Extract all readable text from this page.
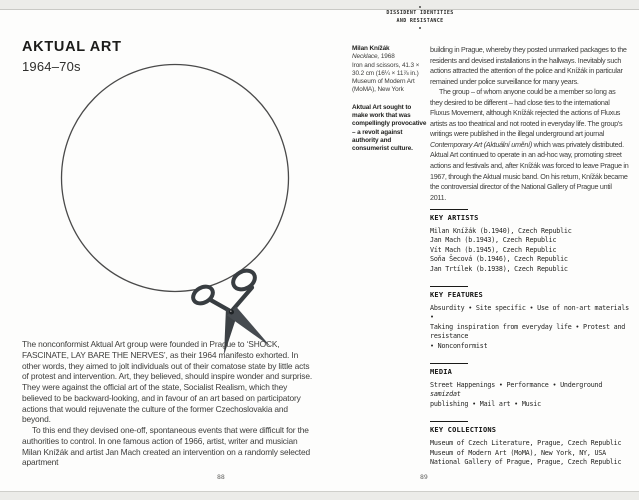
DISSIDENT IDENTITIES
AND RESISTANCE
AKTUAL ART
1964–70s

The nonconformist Aktual Art group were founded in Prague to ‘SHOCK, FASCINATE, LAY BARE THE NERVES’, as their 1964 manifesto exhorted. In other words, they aimed to jolt individuals out of their comatose state by little acts of protest and intervention. Art, they believed, should inspire wonder and surprise. They were against the official art of the state, Socialist Realism, which they believed to be backward-looking, and in favour of an art based on participatory actions that would rejuvenate the culture of the former Czechoslovakia and beyond.

To this end they devised one-off, spontaneous events that were difficult for the authorities to control. In one famous action of 1966, artist, writer and musician Milan Knížák and artist Jan Mach created an intervention on a randomly selected apartment

88
Milan Knížák
Necklace, 1968
Iron and scissors, 41.3 ×
30.2 cm (16¼ × 11⅞ in.)
Museum of Modern Art
(MoMA), New York
Aktual Art sought to make work that was compellingly provocative – a revolt against authority and consumerist culture.

building in Prague, whereby they posted unmarked packages to the residents and devised installations in the hallways. Inevitably such actions attracted the attention of the police and Knížák in particular remained under police surveillance for many years.

The group – of whom anyone could be a member so long as they desired to be different – had close ties to the international Fluxus Movement, although Knížák rejected the actions of Fluxus artists as too theatrical and not rooted in everyday life. The group’s writings were published in the illegal underground art journal Contemporary Art (Aktuální umění) which was privately distributed. Aktual Art continued to operate in an ad-hoc way, promoting street actions and festivals and, after Knížák was forced to leave Prague in 1967, through the Aktual music band. On his return, Knížák became the controversial director of the National Gallery of Prague until 2011.

KEY ARTISTS
Milan Knížák (b.1940), Czech Republic
Jan Mach (b.1943), Czech Republic
Vít Mach (b.1945), Czech Republic
Soňa Šecová (b.1946), Czech Republic
Jan Trtílek (b.1938), Czech Republic
KEY FEATURES
Absurdity • Site specific • Use of non-art materials •
Taking inspiration from everyday life • Protest and resistance
• Nonconformist
MEDIA
Street Happenings • Performance • Underground samizdat
publishing • Mail art • Music
KEY COLLECTIONS
Museum of Czech Literature, Prague, Czech Republic
Museum of Modern Art (MoMA), New York, NY, USA
National Gallery of Prague, Prague, Czech Republic
89
